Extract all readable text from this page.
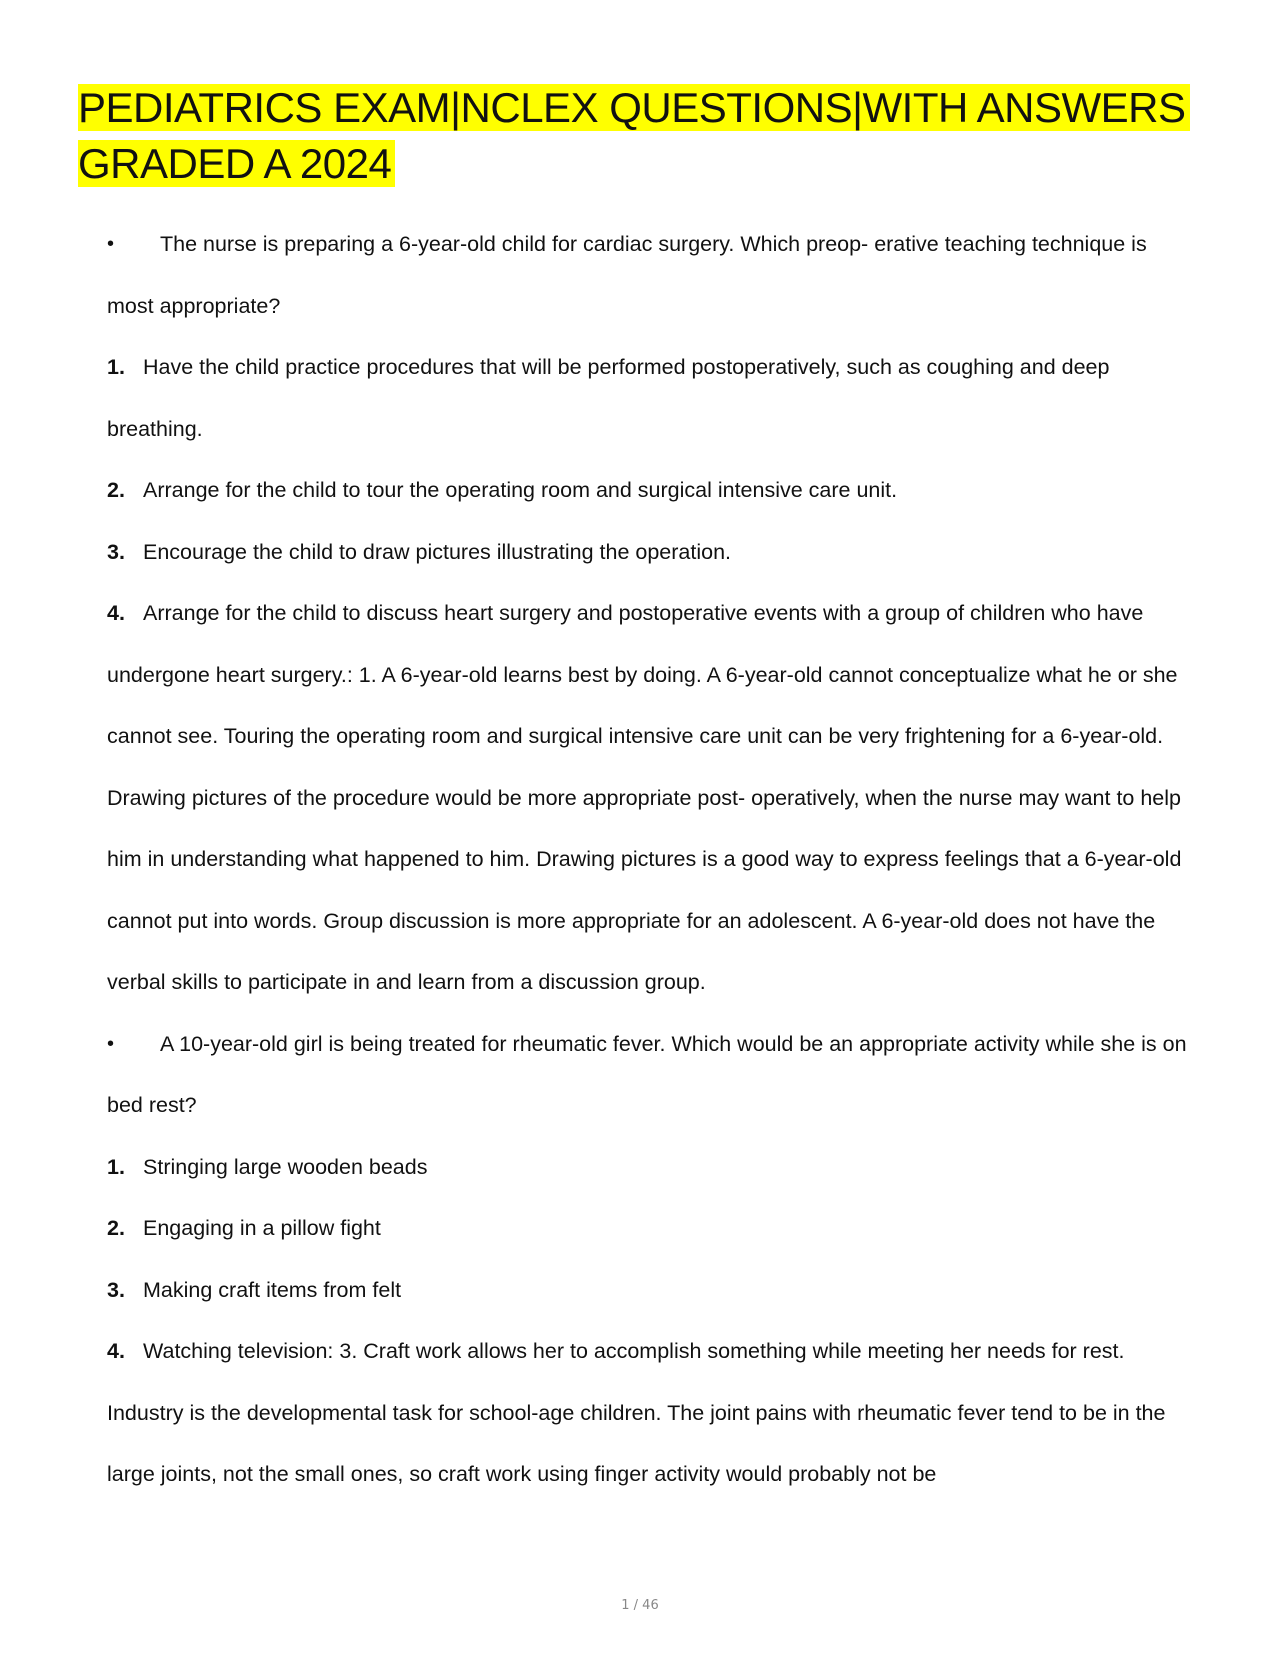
PEDIATRICS EXAM|NCLEX QUESTIONS|WITH ANSWERS GRADED A 2024

• The nurse is preparing a 6-year-old child for cardiac surgery. Which preop- erative teaching technique is most appropriate?

1. Have the child practice procedures that will be performed postoperatively, such as coughing and deep breathing.

2. Arrange for the child to tour the operating room and surgical intensive care unit.

3. Encourage the child to draw pictures illustrating the operation.

4. Arrange for the child to discuss heart surgery and postoperative events with a group of children who have undergone heart surgery.: 1. A 6-year-old learns best by doing. A 6-year-old cannot conceptualize what he or she cannot see. Touring the operating room and surgical intensive care unit can be very frightening for a 6-year-old. Drawing pictures of the procedure would be more appropriate post- operatively, when the nurse may want to help him in understanding what happened to him. Drawing pictures is a good way to express feelings that a 6-year-old cannot put into words. Group discussion is more appropriate for an adolescent. A 6-year-old does not have the verbal skills to participate in and learn from a discussion group.

• A 10-year-old girl is being treated for rheumatic fever. Which would be an appropriate activity while she is on bed rest?

1. Stringing large wooden beads

2. Engaging in a pillow fight

3. Making craft items from felt

4. Watching television: 3. Craft work allows her to accomplish something while meeting her needs for rest. Industry is the developmental task for school-age children. The joint pains with rheumatic fever tend to be in the large joints, not the small ones, so craft work using finger activity would probably not be

1 / 46
